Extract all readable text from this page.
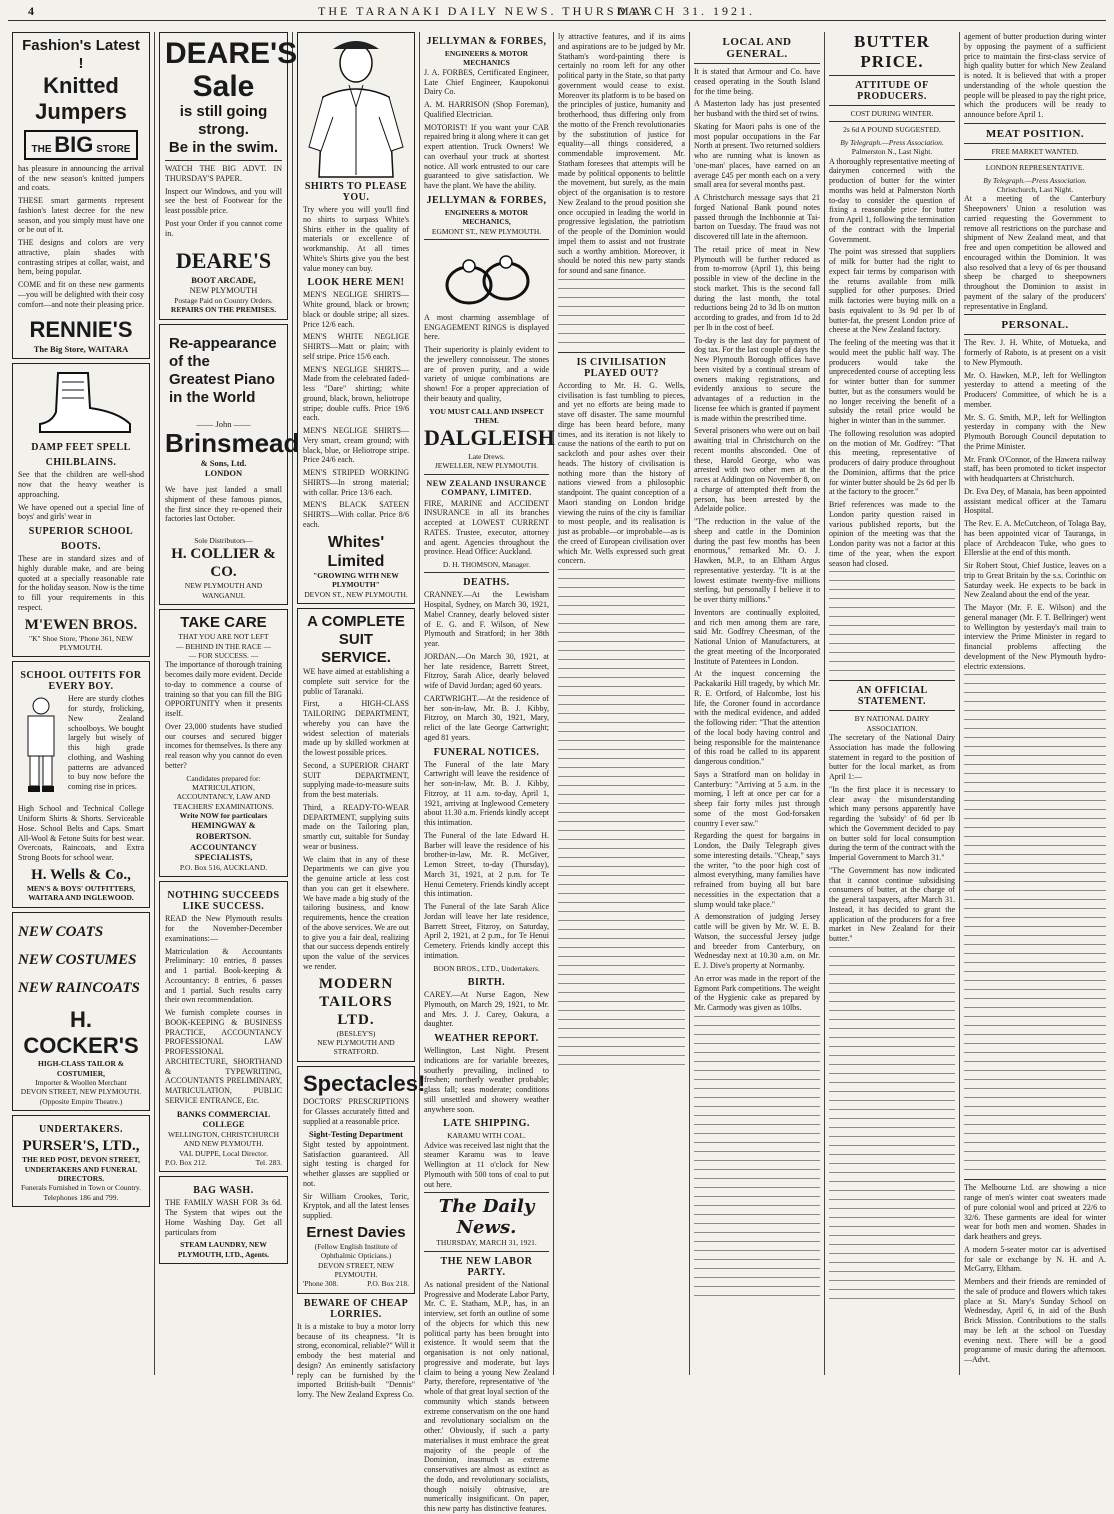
4	THE TARANAKI DAILY NEWS. THURSDAY.
MARCH 31. 1921.
Fashion's Latest !
Knitted
Jumpers
THE BIG STORE

has pleasure in announcing the arrival of the new season's knitted jumpers and coats.

THESE smart garments represent fashion's latest decree for the new season, and you simply must have one or be out of it.

THE designs and colors are very attractive, plain shades with contrasting stripes at collar, waist, and hem, being popular.

COME and fit on these new garments—you will be delighted with their cosy comfort—and note their pleasing price.

RENNIE'S
The Big Store, WAITARA
DAMP FEET SPELL
CHILBLAINS.

See that the children are well-shod now that the heavy weather is approaching.

We have opened out a special line of boys' and girls' wear in

SUPERIOR SCHOOL
BOOTS.

These are in standard sizes and of highly durable make, and are being quoted at a specially reasonable rate for the holiday season. Now is the time to fill your requirements in this respect.

M'EWEN BROS.
"K" Shoe Store, 'Phone 361, NEW PLYMOUTH.
SCHOOL OUTFITS FOR EVERY BOY.

Here are sturdy clothes for sturdy, frolicking, New Zealand schoolboys. We bought largely but wisely of this high grade clothing, and Washing patterns are advanced to buy now before the coming rise in prices.

High School and Technical College Uniform Shirts & Shorts. Serviceable Hose. School Belts and Caps. Smart All-Wool & Fetone Suits for best wear. Overcoats, Raincoats, and Extra Strong Boots for school wear.

H. Wells & Co.,
MEN'S & BOYS' OUTFITTERS,
WAITARA AND INGLEWOOD.
NEW COATS
NEW COSTUMES
NEW RAINCOATS
H. COCKER'S
HIGH-CLASS TAILOR & COSTUMIER,
Importer & Woollen Merchant
DEVON STREET, NEW PLYMOUTH.
(Opposite Empire Theatre.)
UNDERTAKERS.
PURSER'S, LTD.,
THE RED POST, DEVON STREET,
UNDERTAKERS AND FUNERAL DIRECTORS.
Funerals Furnished in Town or Country. Telephones 186 and 799.
DEARE'S
Sale
is still going strong.
Be in the swim.

WATCH THE BIG ADVT. IN THURSDAY'S PAPER.

Inspect our Windows, and you will see the best of Footwear for the least possible price.

Post your Order if you cannot come in.

DEARE'S
BOOT ARCADE,
NEW PLYMOUTH
Postage Paid on Country Orders.
REPAIRS ON THE PREMISES.
Re-appearance
of the
Greatest Piano
in the World
—— John ——
Brinsmead
& Sons, Ltd.
LONDON

We have just landed a small shipment of these famous pianos, the first since they re-opened their factories last October.

Sole Distributors—
H. COLLIER & CO.
NEW PLYMOUTH AND WANGANUI.
TAKE CARE
THAT YOU ARE NOT LEFT
— BEHIND IN THE RACE —
— FOR SUCCESS. —

The importance of thorough training becomes daily more evident. Decide to-day to commence a course of training so that you can fill the BIG OPPORTUNITY when it presents itself.

Over 23,000 students have studied our courses and secured bigger incomes for themselves. Is there any real reason why you cannot do even better?

Candidates prepared for:
MATRICULATION, ACCOUNTANCY, LAW AND TEACHERS' EXAMINATIONS.
Write NOW for particulars
HEMINGWAY & ROBERTSON.
ACCOUNTANCY SPECIALISTS,
P.O. Box 516, AUCKLAND.
NOTHING SUCCEEDS LIKE SUCCESS.

READ the New Plymouth results for the November-December examinations:—

Matriculation & Accountants Preliminary: 10 entries, 8 passes and 1 partial. Book-keeping & Accountancy: 8 entries, 6 passes and 1 partial. Such results carry their own recommendation.

We furnish complete courses in BOOK-KEEPING & BUSINESS PRACTICE, ACCOUNTANCY PROFESSIONAL LAW PROFESSIONAL ARCHITECTURE, SHORTHAND & TYPEWRITING, ACCOUNTANTS PRELIMINARY, MATRICULATION, PUBLIC SERVICE ENTRANCE, Etc.

BANKS COMMERCIAL COLLEGE
WELLINGTON, CHRISTCHURCH AND NEW PLYMOUTH.
VAL DUPPE, Local Director.
P.O. Box 212.	Tel. 283.
BAG WASH.

THE FAMILY WASH FOR 3s 6d. The System that wipes out the Home Washing Day. Get all particulars from

STEAM LAUNDRY, NEW PLYMOUTH, LTD., Agents.
SHIRTS TO PLEASE YOU.

Try where you will you'll find no shirts to surpass White's Shirts either in the quality of materials or excellence of workmanship. At all times White's Shirts give you the best value money can buy.

LOOK HERE MEN!

MEN'S NEGLIGE SHIRTS—White ground, black or brown; black or double stripe; all sizes. Price 12/6 each.

MEN'S WHITE NEGLIGE SHIRTS—Matt or plain; with self stripe. Price 15/6 each.

MEN'S NEGLIGE SHIRTS—Made from the celebrated faded-less "Dare" shirting; white ground, black, brown, heliotrope stripe; double cuffs. Price 19/6 each.

MEN'S NEGLIGE SHIRTS—Very smart, cream ground; with black, blue, or Heliotrope stripe. Price 24/6 each.

MEN'S STRIPED WORKING SHIRTS—In strong material; with collar. Price 13/6 each.

MEN'S BLACK SATEEN SHIRTS—With collar. Price 8/6 each.

Whites' Limited
"GROWING WITH NEW PLYMOUTH"
DEVON ST., NEW PLYMOUTH.
A COMPLETE SUIT SERVICE.

WE have aimed at establishing a complete suit service for the public of Taranaki.

First, a HIGH-CLASS TAILORING DEPARTMENT, whereby you can have the widest selection of materials made up by skilled workmen at the lowest possible prices.

Second, a SUPERIOR CHART SUIT DEPARTMENT, supplying made-to-measure suits from the best materials.

Third, a READY-TO-WEAR DEPARTMENT, supplying suits made on the Tailoring plan, smartly cut, suitable for Sunday wear or business.

We claim that in any of these Departments we can give you the genuine article at less cost than you can get it elsewhere. We have made a big study of the tailoring business, and know requirements, hence the creation of the above services. We are out to give you a fair deal, realizing that our success depends entirely upon the value of the services we render.

MODERN TAILORS LTD.
(BESLEY'S)
NEW PLYMOUTH AND STRATFORD.
Spectacles!

DOCTORS' PRESCRIPTIONS for Glasses accurately fitted and supplied at a reasonable price.

Sight-Testing Department

Sight tested by appointment. Satisfaction guaranteed. All sight testing is charged for whether glasses are supplied or not.

Sir William Crookes, Toric, Kryptok, and all the latest lenses supplied.

Ernest Davies
(Fellow English Institute of Ophthalmic Opticians.)
DEVON STREET, NEW PLYMOUTH.
'Phone 308.	P.O. Box 218.
BEWARE OF CHEAP LORRIES.

It is a mistake to buy a motor lorry because of its cheapness. "It is strong, economical, reliable?" Will it embody the best material and design? An eminently satisfactory reply can be furnished by the imported British-built "Dennis" lorry. The New Zealand Express Co.

JELLYMAN & FORBES,
ENGINEERS & MOTOR MECHANICS

J. A. FORBES, Certificated Engineer, Late Chief Engineer, Kaupokonui Dairy Co.

A. M. HARRISON (Shop Foreman), Qualified Electrician.

MOTORIST! If you want your CAR repaired bring it along where it can get expert attention. Truck Owners! We can overhaul your truck at shortest notice. All work entrusted to our care guaranteed to give satisfaction. We have the plant. We have the ability.

JELLYMAN & FORBES,
ENGINEERS & MOTOR MECHANICS,
EGMONT ST., NEW PLYMOUTH.

A most charming assemblage of ENGAGEMENT RINGS is displayed here.

Their superiority is plainly evident to the jewellery connoisseur. The stones are of proven purity, and a wide variety of unique combinations are shown! For a proper appreciation of their beauty and quality,

YOU MUST CALL AND INSPECT THEM.
DALGLEISH
Late Drews.
JEWELLER, NEW PLYMOUTH.
NEW ZEALAND INSURANCE COMPANY, LIMITED.

FIRE, MARINE and ACCIDENT INSURANCE in all its branches accepted at LOWEST CURRENT RATES. Trustee, executor, attorney and agent. Agencies throughout the province. Head Office: Auckland.

D. H. THOMSON, Manager.
DEATHS.

CRANNEY.—At the Lewisham Hospital, Sydney, on March 30, 1921, Mabel Cranney, dearly beloved sister of E. G. and F. Wilson, of New Plymouth and Stratford; in her 38th year.

JORDAN.—On March 30, 1921, at her late residence, Barrett Street, Fitzroy, Sarah Alice, dearly beloved wife of David Jordan; aged 60 years.

CARTWRIGHT.—At the residence of her son-in-law, Mr. B. J. Kibby, Fitzroy, on March 30, 1921, Mary, relict of the late George Cartwright; aged 81 years.

FUNERAL NOTICES.

The Funeral of the late Mary Cartwright will leave the residence of her son-in-law, Mr. B. J. Kibby, Fitzroy, at 11 a.m. to-day, April 1, 1921, arriving at Inglewood Cemetery about 11.30 a.m. Friends kindly accept this intimation.

The Funeral of the late Edward H. Barber will leave the residence of his brother-in-law, Mr. R. McGiver, Lemon Street, to-day (Thursday), March 31, 1921, at 2 p.m. for Te Henui Cemetery. Friends kindly accept this intimation.

The Funeral of the late Sarah Alice Jordan will leave her late residence, Barrett Street, Fitzroy, on Saturday, April 2, 1921, at 2 p.m., for Te Henui Cemetery. Friends kindly accept this intimation.

BOON BROS., LTD., Undertakers.
BIRTH.

CAREY.—At Nurse Eagon, New Plymouth, on March 29, 1921, to Mr. and Mrs. J. J. Carey, Oakura, a daughter.

WEATHER REPORT.

Wellington, Last Night. Present indications are for variable breezes, southerly prevailing, inclined to freshen; northerly weather probable; glass fall; seas moderate; conditions still unsettled and showery weather anywhere soon.

LATE SHIPPING.
KARAMU WITH COAL.

Advice was received last night that the steamer Karamu was to leave Wellington at 11 o'clock for New Plymouth with 500 tons of coal to put out here.

The Daily News.
THURSDAY, MARCH 31, 1921.
THE NEW LABOR PARTY.

As national president of the National Progressive and Moderate Labor Party, Mr. C. E. Statham, M.P., has, in an interview, set forth an outline of some of the objects for which this new political party has been brought into existence. It would seem that the organisation is not only national, progressive and moderate, but lays claim to being a young New Zealand Party, therefore, representative of 'the whole of that great loyal section of the community which stands between extreme conservatism on the one hand and revolutionary socialism on the other.' Obviously, if such a party materialises it must embrace the great majority of the people of the Dominion, inasmuch as extreme conservatives are almost as extinct as the dodo, and revolutionary socialists, though noisily obtrusive, are numerically insignificant. On paper, this new party has distinctive features.

ly attractive features, and if its aims and aspirations are to be judged by Mr. Statham's word-painting there is certainly no room left for any other political party in the State, so that party government would cease to exist. Moreover its platform is to be based on the principles of justice, humanity and brotherhood, thus differing only from the motto of the French revolutionaries by the substitution of justice for equality—all things considered, a commendable improvement. Mr. Statham foresees that attempts will be made by political opponents to belittle the movement, but surely, as the main object of the organisation is to restore New Zealand to the proud position she once occupied in leading the world in progressive legislation, the patriotism of the people of the Dominion would impel them to assist and not frustrate such a worthy ambition. Moreover, it should be noted this new party stands for sound and sane finance.

IS CIVILISATION PLAYED OUT?

According to Mr. H. G. Wells, civilisation is fast tumbling to pieces, and yet no efforts are being made to stave off disaster. The same mournful dirge has been heard before, many times, and its iteration is not likely to cause the nations of the earth to put on sackcloth and pour ashes over their heads. The history of civilisation is nothing more than the history of nations viewed from a philosophic standpoint. The quaint conception of a Maori standing on London bridge viewing the ruins of the city is familiar to most people, and its realisation is just as probable—or improbable—as is the creed of European civilisation over which Mr. Wells expressed such great concern.

LOCAL AND GENERAL.

It is stated that Armour and Co. have ceased operating in the South Island for the time being.

A Masterton lady has just presented her husband with the third set of twins.

Skating for Maori pahs is one of the most popular occupations in the Far North at present. Two returned soldiers who are running what is known as 'one-man' places, have earned on an average £45 per month each on a very small area for several months past.

A Christchurch message says that 21 forged National Bank pound notes passed through the Inchbonnie at Tai-barton on Tuesday. The fraud was not discovered till late in the afternoon.

The retail price of meat in New Plymouth will be further reduced as from to-morrow (April 1), this being possible in view of the decline in the stock market. This is the second fall during the last month, the total reductions being 2d to 3d lb on mutton according to grades, and from 1d to 2d per lb in the cost of beef.

To-day is the last day for payment of dog tax. For the last couple of days the New Plymouth Borough offices have been visited by a continual stream of owners making registrations, and evidently anxious to secure the advantages of a reduction in the license fee which is granted if payment is made within the prescribed time.

Several prisoners who were out on bail awaiting trial in Christchurch on the recent months absconded. One of these, Harold George, who was arrested with two other men at the races at Addington on November 8, on a charge of attempted theft from the person, has been arrested by the Adelaide police.

"The reduction in the value of the sheep and cattle in the Dominion during the past few months has been enormous," remarked Mr. O. J. Hawken, M.P., to an Eltham Argus representative yesterday. "It is at the lowest estimate twenty-five millions sterling, but personally I believe it to be over thirty millions."

Inventors are continually exploited, and rich men among them are rare, said Mr. Godfrey Cheesman, of the National Union of Manufacturers, at the great meeting of the Incorporated Institute of Patentees in London.

At the inquest concerning the Packakariki Hill tragedy, by which Mr. R. E. Ortford, of Halcombe, lost his life, the Coroner found in accordance with the medical evidence, and added the following rider: "That the attention of the local body having control and being responsible for the maintenance of this road be called to its apparent dangerous condition."

Says a Stratford man on holiday in Canterbury: "Arriving at 5 a.m. in the morning, I left at once per car for a sheep fair forty miles just through some of the most God-forsaken country I ever saw."

Regarding the quest for bargains in London, the Daily Telegraph gives some interesting details. "Cheap," says the writer, "to the poor high cost of almost everything, many families have refrained from buying all but bare necessities in the expectation that a slump would take place."

A demonstration of judging Jersey cattle will be given by Mr. W. E. B. Watson, the successful Jersey judge and breeder from Canterbury, on Wednesday next at 10.30 a.m. on Mr. E. J. Dive's property at Normanby.

An error was made in the report of the Egmont Park competitions. The weight of the Hygienic cake as prepared by Mr. Carmody was given as 10lbs.

BUTTER PRICE.
ATTITUDE OF PRODUCERS.
COST DURING WINTER.
2s 6d A POUND SUGGESTED.
By Telegraph.—Press Association.
Palmerston N., Last Night.

A thoroughly representative meeting of dairymen concerned with the production of butter for the winter months was held at Palmerston North to-day to consider the question of fixing a reasonable price for butter from April 1, following the termination of the contract with the Imperial Government.

The point was stressed that suppliers of milk for butter had the right to expect fair terms by comparison with the returns available from milk supplied for other purposes. Dried milk factories were buying milk on a basis equivalent to 3s 9d per lb of butter-fat, the present London price of cheese at the New Zealand factory.

The feeling of the meeting was that it would meet the public half way. The producers would take the unprecedented course of accepting less for winter butter than for summer butter, but as the consumers would be no longer receiving the benefit of a subsidy the retail price would be higher in winter than in the summer.

The following resolution was adopted on the motion of Mr. Godfrey: "That this meeting, representative of producers of dairy produce throughout the Dominion, affirms that the price for winter butter should be 2s 6d per lb at the factory to the grocer."

Brief references was made to the London parity question raised in various published reports, but the opinion of the meeting was that the London parity was not a factor at this time of the year, when the export season had closed.

AN OFFICIAL STATEMENT.
BY NATIONAL DAIRY ASSOCIATION.

The secretary of the National Dairy Association has made the following statement in regard to the position of butter for the local market, as from April 1:—

"In the first place it is necessary to clear away the misunderstanding which many persons apparently have regarding the 'subsidy' of 6d per lb which the Government decided to pay on butter sold for local consumption during the term of the contract with the Imperial Government to March 31."

"The Government has now indicated that it cannot continue subsidising consumers of butter, at the charge of the general taxpayers, after March 31. Instead, it has decided to grant the application of the producers for a free market in New Zealand for their butter."

agement of butter production during winter by opposing the payment of a sufficient price to maintain the first-class service of high quality butter for which New Zealand is noted. It is believed that with a proper understanding of the whole question the people will be pleased to pay the right price, which the producers will be ready to announce before April 1.

MEAT POSITION.
FREE MARKET WANTED.
LONDON REPRESENTATIVE.
By Telegraph.—Press Association.
Christchurch, Last Night.

At a meeting of the Canterbury Sheepowners' Union a resolution was carried requesting the Government to remove all restrictions on the purchase and shipment of New Zealand meat, and that free and open competition be allowed and encouraged within the Dominion. It was also resolved that a levy of 6s per thousand sheep be charged to sheepowners throughout the Dominion to assist in payment of the salary of the producers' representative in England.

PERSONAL.

The Rev. J. H. White, of Motueka, and formerly of Raboto, is at present on a visit to New Plymouth.

Mr. O. Hawken, M.P., left for Wellington yesterday to attend a meeting of the Producers' Committee, of which he is a member.

Mr. S. G. Smith, M.P., left for Wellington yesterday in company with the New Plymouth Borough Council deputation to the Prime Minister.

Mr. Frank O'Connor, of the Hawera railway staff, has been promoted to ticket inspector with headquarters at Christchurch.

Dr. Eva Dey, of Manaia, has been appointed assistant medical officer at the Tamaru Hospital.

The Rev. E. A. McCutcheon, of Tolaga Bay, has been appointed vicar of Taurangа, in place of Archdeacon Tuke, who goes to Ellerslie at the end of this month.

Sir Robert Stout, Chief Justice, leaves on a trip to Great Britain by the s.s. Corinthic on Saturday week. He expects to be back in New Zealand about the end of the year.

The Mayor (Mr. F. E. Wilson) and the general manager (Mr. F. T. Bellringer) went to Wellington by yesterday's mail train to interview the Prime Minister in regard to financial problems affecting the development of the New Plymouth hydro-electric extensions.

The Melbourne Ltd. are showing a nice range of men's winter coat sweaters made of pure colonial wool and priced at 22/6 to 32/6. These garments are ideal for winter wear for both men and women. Shades in dark heathers and greys.

A modern 5-seater motor car is advertised for sale or exchange by N. H. and A. McGarry, Eltham.

Members and their friends are reminded of the sale of produce and flowers which takes place at St. Mary's Sunday School on Wednesday, April 6, in aid of the Bush Brick Mission. Contributions to the stalls may be left at the school on Tuesday evening next. There will be a good programme of music during the afternoon.—Advt.
